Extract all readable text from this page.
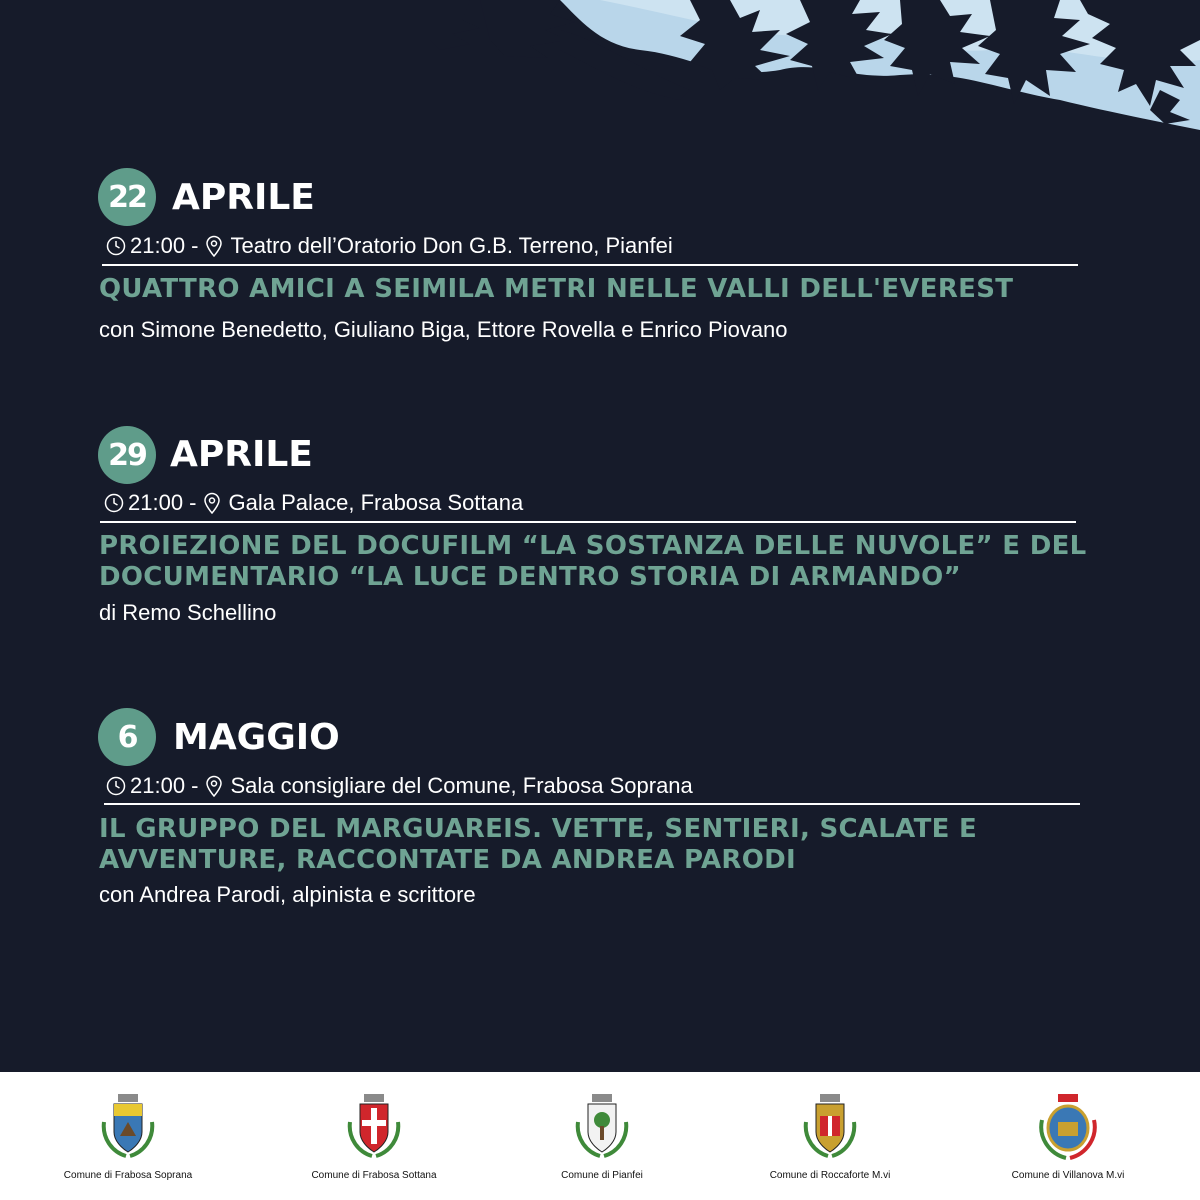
22 APRILE
21:00 - Teatro dell’Oratorio Don G.B. Terreno, Pianfei
QUATTRO AMICI A SEIMILA METRI NELLE VALLI DELL'EVEREST
con Simone Benedetto, Giuliano Biga, Ettore Rovella e Enrico Piovano
29 APRILE
21:00 - Gala Palace, Frabosa Sottana
PROIEZIONE DEL DOCUFILM “LA SOSTANZA DELLE NUVOLE” E DEL
DOCUMENTARIO “LA LUCE DENTRO STORIA DI ARMANDO”
di Remo Schellino
6	MAGGIO
21:00 - Sala consigliare del Comune, Frabosa Soprana
IL GRUPPO DEL MARGUAREIS. VETTE, SENTIERI, SCALATE E
AVVENTURE, RACCONTATE DA ANDREA PARODI
con Andrea Parodi, alpinista e scrittore
Comune di Frabosa Soprana	Comune di Frabosa Sottana	Comune di Pianfei	Comune di Roccaforte M.vi	Comune di Villanova M.vi
